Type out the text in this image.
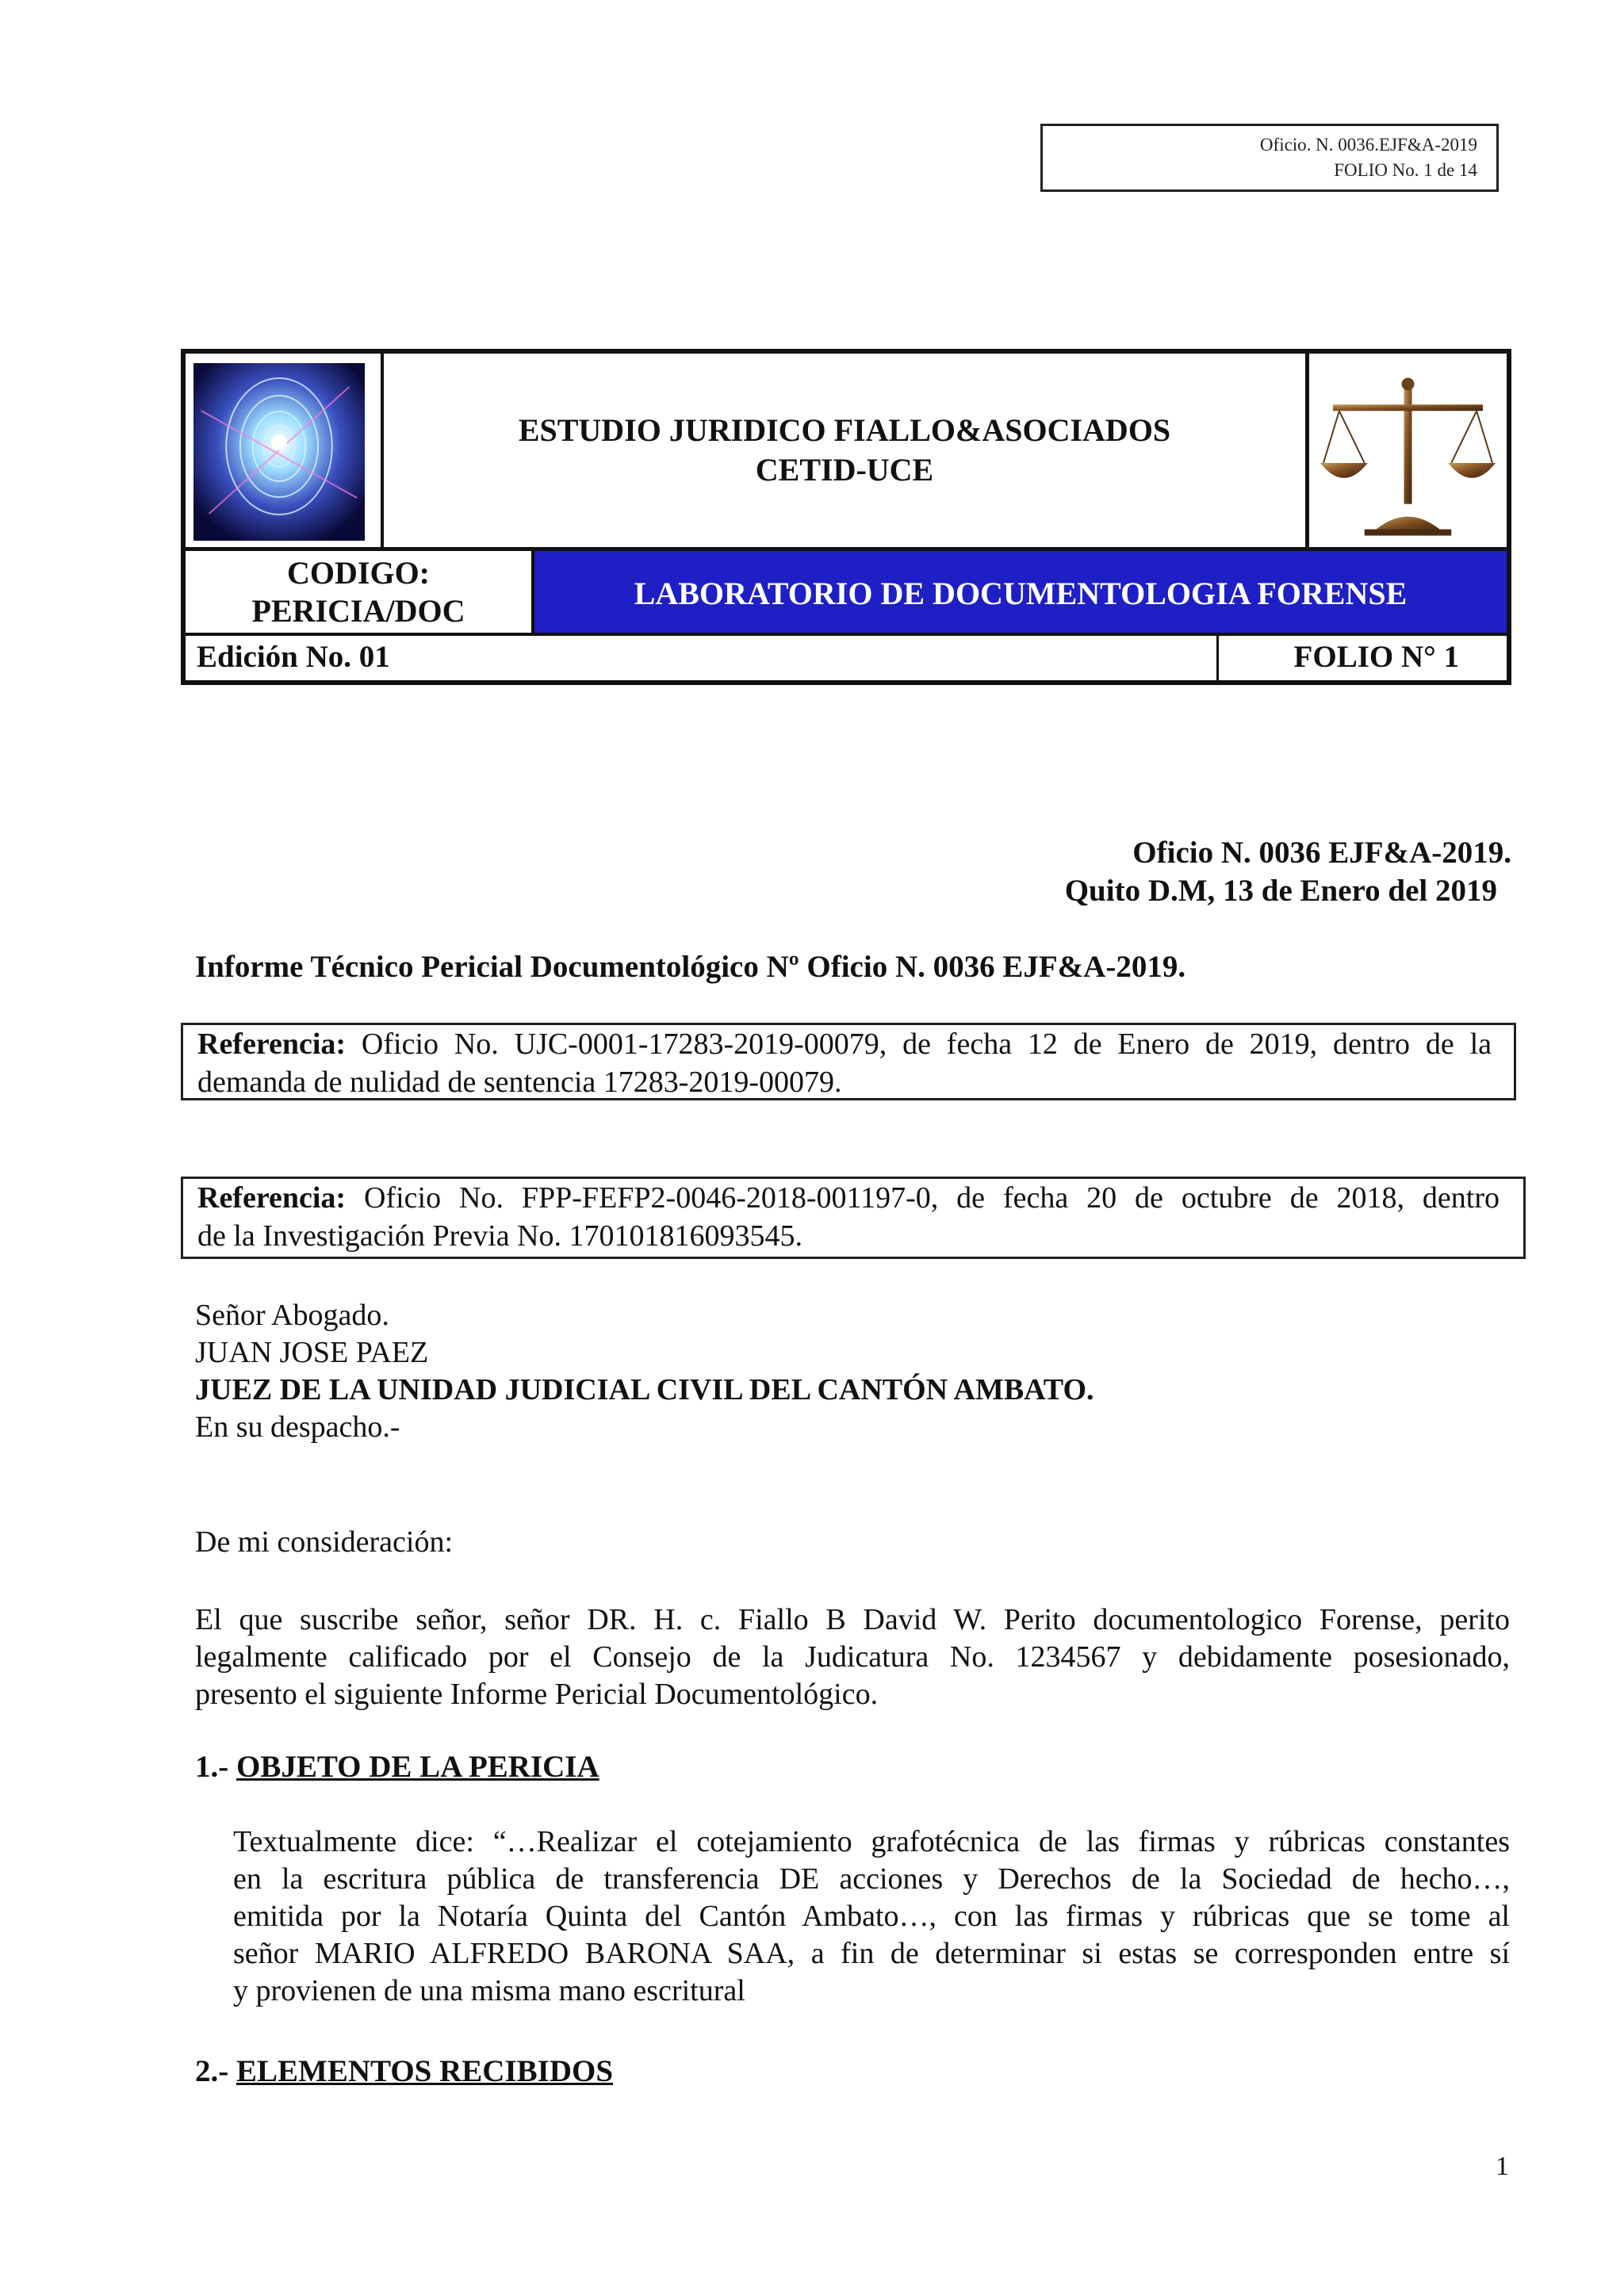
Oficio. N. 0036.EJF&A-2019
FOLIO No. 1 de 14
ESTUDIO JURIDICO FIALLO&ASOCIADOS
CETID-UCE
CODIGO:
PERICIA/DOC	LABORATORIO DE DOCUMENTOLOGIA FORENSE
Edición No. 01	FOLIO N° 1
Oficio N. 0036 EJF&A-2019.
Quito D.M, 13 de Enero del 2019
Informe Técnico Pericial Documentológico Nº Oficio N. 0036 EJF&A-2019.
Referencia: Oficio No. UJC-0001-17283-2019-00079, de fecha 12 de Enero de 2019, dentro de la
demanda de nulidad de sentencia 17283-2019-00079.
Referencia: Oficio No. FPP-FEFP2-0046-2018-001197-0, de fecha 20 de octubre de 2018, dentro
de la Investigación Previa No. 170101816093545.
Señor Abogado.
JUAN JOSE PAEZ
JUEZ DE LA UNIDAD JUDICIAL CIVIL DEL CANTÓN AMBATO.
En su despacho.-
De mi consideración:
El que suscribe señor, señor DR. H. c. Fiallo B David W. Perito documentologico Forense, perito
legalmente calificado por el Consejo de la Judicatura No. 1234567 y debidamente posesionado,
presento el siguiente Informe Pericial Documentológico.
1.- OBJETO DE LA PERICIA
Textualmente dice: “…Realizar el cotejamiento grafotécnica de las firmas y rúbricas constantes
en la escritura pública de transferencia DE acciones y Derechos de la Sociedad de hecho…,
emitida por la Notaría Quinta del Cantón Ambato…, con las firmas y rúbricas que se tome al
señor MARIO ALFREDO BARONA SAA, a fin de determinar si estas se corresponden entre sí
y provienen de una misma mano escritural
2.- ELEMENTOS RECIBIDOS
1
